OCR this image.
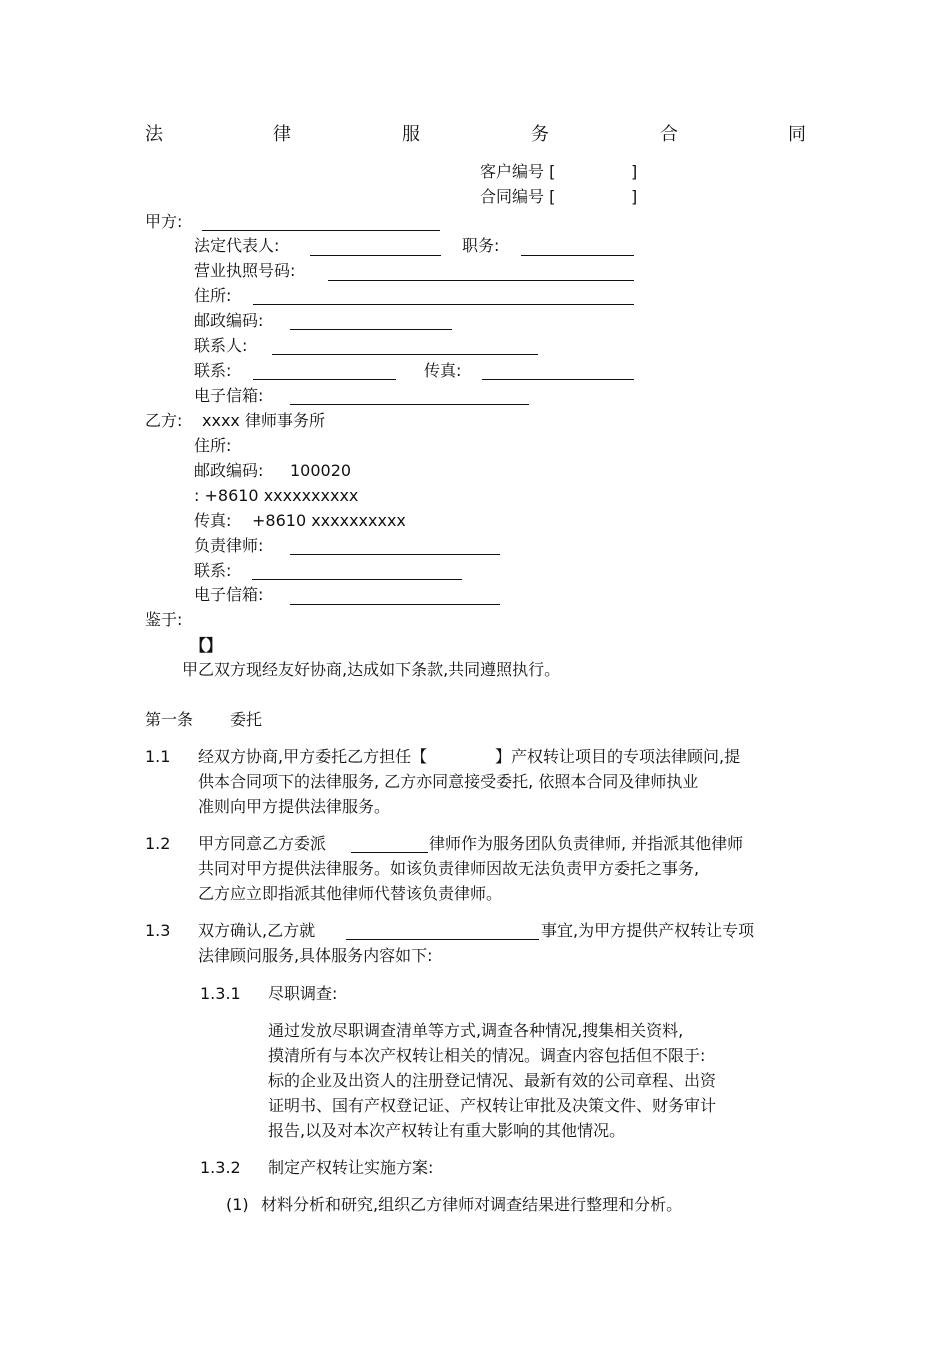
法	律	服	务	合	同
客户编号 [	]
合同编号 [	]
甲方:
法定代表人:	职务:
营业执照号码:
住所:
邮政编码:
联系人:
联系:	传真:
电子信箱:
乙方: xxxx 律师事务所
住所:
邮政编码: 100020
: +8610 xxxxxxxxxx
传真: +8610 xxxxxxxxxx
负责律师:
联系:
电子信箱:
鉴于:
【】
甲乙双方现经友好协商,达成如下条款,共同遵照执行。
第一条 委托
1.1 经双方协商,甲方委托乙方担任【	】产权转让项目的专项法律顾问,提
供本合同项下的法律服务, 乙方亦同意接受委托, 依照本合同及律师执业
准则向甲方提供法律服务。
1.2 甲方同意乙方委派	律师作为服务团队负责律师, 并指派其他律师
共同对甲方提供法律服务。如该负责律师因故无法负责甲方委托之事务,
乙方应立即指派其他律师代替该负责律师。
1.3 双方确认,乙方就	事宜,为甲方提供产权转让专项
法律顾问服务,具体服务内容如下:
1.3.1 尽职调查:
通过发放尽职调查清单等方式,调查各种情况,搜集相关资料,
摸清所有与本次产权转让相关的情况。调查内容包括但不限于:
标的企业及出资人的注册登记情况、最新有效的公司章程、出资
证明书、国有产权登记证、产权转让审批及决策文件、财务审计
报告,以及对本次产权转让有重大影响的其他情况。
1.3.2 制定产权转让实施方案:
(1) 材料分析和研究,组织乙方律师对调查结果进行整理和分析。
